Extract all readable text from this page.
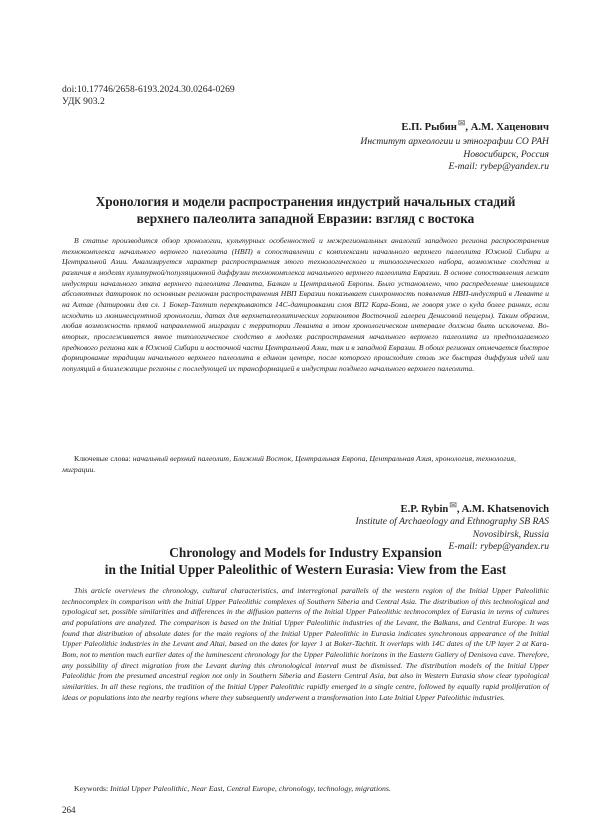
doi:10.17746/2658-6193.2024.30.0264-0269
УДК 903.2
Е.П. Рыбин✉, А.М. Хаценович
Институт археологии и этнографии СО РАН
Новосибирск, Россия
E-mail: rybep@yandex.ru
Хронология и модели распространения индустрий начальных стадий
верхнего палеолита западной Евразии: взгляд с востока
В статье производится обзор хронологии, культурных особенностей и межрегиональных аналогий западного региона распространения технокомплекса начального верхнего палеолита (НВП) в сопоставлении с комплексами начального верхнего палеолита Южной Сибири и Центральной Азии. Анализируется характер распространения этого технологического и типологического набора, возможные сходства и различия в моделях культурной/популяционной диффузии технокомплекса начального верхнего палеолита Евразии. В основе сопоставления лежат индустрии начального этапа верхнего палеолита Леванта, Балкан и Центральной Европы. Было установлено, что распределение имеющихся абсолютных датировок по основным регионам распространения НВП Евразии показывает синхронность появления НВП-индустрий в Леванте и на Алтае (датировки для сл. 1 Бокер-Тахтит перекрываются 14С-датировками слоя ВП2 Кара-Бома, не говоря уже о куда более ранних, если исходить из люминесцентной хронологии, датах для верхнепалеолитических горизонтов Восточной галереи Денисовой пещеры). Таким образом, любая возможность прямой направленной миграции с территории Леванта в этом хронологическом интервале должна быть исключена. Во-вторых, прослеживается явное типологическое сходство в моделях распространения начального верхнего палеолита из предполагаемого предкового региона как в Южной Сибири и восточной части Центральной Азии, так и в западной Евразии. В обоих регионах отмечается быстрое формирование традиции начального верхнего палеолита в едином центре, после которого происходит столь же быстрая диффузия идей или популяций в близлежащие регионы с последующей их трансформацией в индустрии позднего начального верхнего палеолита.
Ключевые слова: начальный верхний палеолит, Ближний Восток, Центральная Европа, Центральная Азия, хронология, технология, миграции.
E.P. Rybin✉, A.M. Khatsenovich
Institute of Archaeology and Ethnography SB RAS
Novosibirsk, Russia
E-mail: rybep@yandex.ru
Chronology and Models for Industry Expansion
in the Initial Upper Paleolithic of Western Eurasia: View from the East
This article overviews the chronology, cultural characteristics, and interregional parallels of the western region of the Initial Upper Paleolithic technocomplex in comparison with the Initial Upper Paleolithic complexes of Southern Siberia and Central Asia. The distribution of this technological and typological set, possible similarities and differences in the diffusion patterns of the Initial Upper Paleolithic technocomplex of Eurasia in terms of cultures and populations are analyzed. The comparison is based on the Initial Upper Paleolithic industries of the Levant, the Balkans, and Central Europe. It was found that distribution of absolute dates for the main regions of the Initial Upper Paleolithic in Eurasia indicates synchronous appearance of the Initial Upper Paleolithic industries in the Levant and Altai, based on the dates for layer 1 at Boker-Tachtit. It overlaps with 14C dates of the UP layer 2 at Kara-Bom, not to mention much earlier dates of the luminescent chronology for the Upper Paleolithic horizons in the Eastern Gallery of Denisova cave. Therefore, any possibility of direct migration from the Levant during this chronological interval must be dismissed. The distribution models of the Initial Upper Paleolithic from the presumed ancestral region not only in Southern Siberia and Eastern Central Asia, but also in Western Eurasia show clear typological similarities. In all these regions, the tradition of the Initial Upper Paleolithic rapidly emerged in a single centre, followed by equally rapid proliferation of ideas or populations into the nearby regions where they subsequently underwent a transformation into Late Initial Upper Paleolithic industries.
Keywords: Initial Upper Paleolithic, Near East, Central Europe, chronology, technology, migrations.
264
